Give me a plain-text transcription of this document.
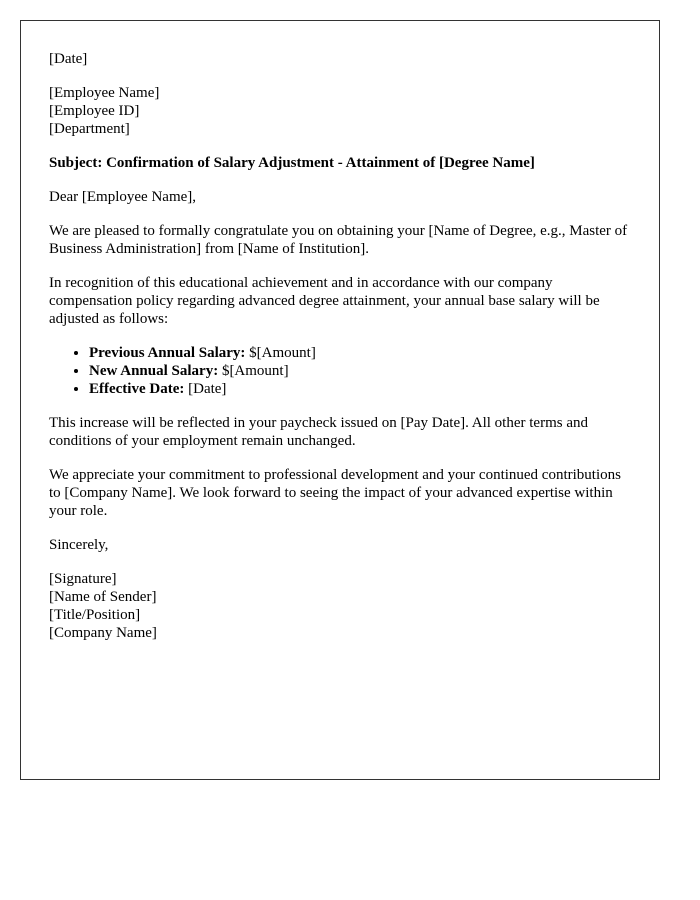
[Date]
[Employee Name]
[Employee ID]
[Department]

Subject: Confirmation of Salary Adjustment - Attainment of [Degree Name]

Dear [Employee Name],

We are pleased to formally congratulate you on obtaining your [Name of Degree, e.g., Master of Business Administration] from [Name of Institution].

In recognition of this educational achievement and in accordance with our company compensation policy regarding advanced degree attainment, your annual base salary will be adjusted as follows:

• Previous Annual Salary: $[Amount]
• New Annual Salary: $[Amount]
• Effective Date: [Date]

This increase will be reflected in your paycheck issued on [Pay Date]. All other terms and conditions of your employment remain unchanged.

We appreciate your commitment to professional development and your continued contributions to [Company Name]. We look forward to seeing the impact of your advanced expertise within your role.

Sincerely,

[Signature]
[Name of Sender]
[Title/Position]
[Company Name]
